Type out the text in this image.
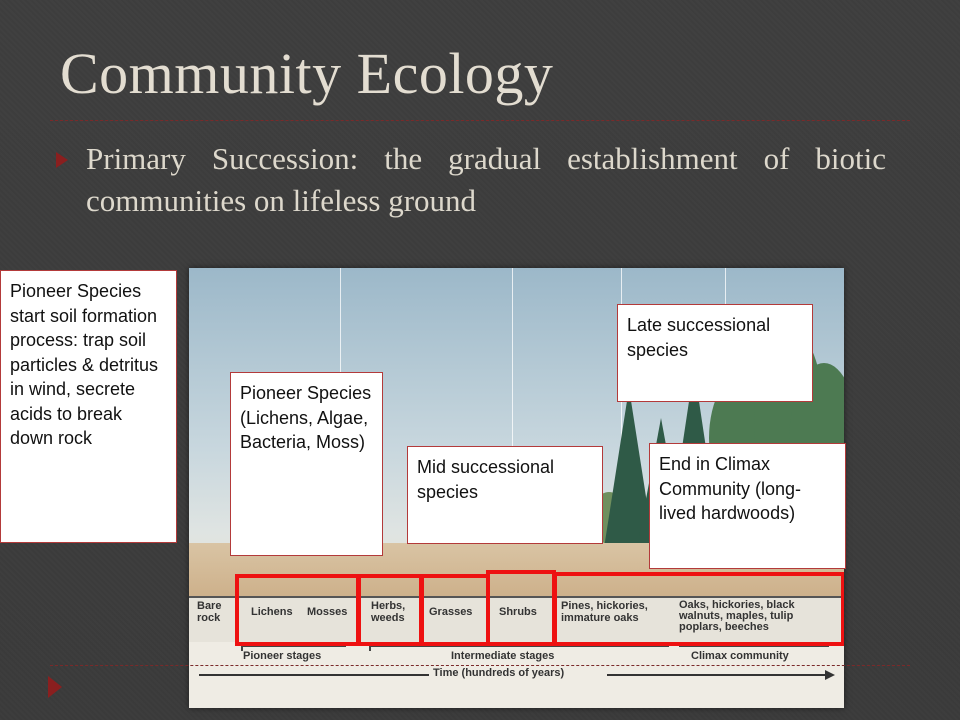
Community Ecology
Primary Succession: the gradual establishment of biotic communities on lifeless ground
Bare rock	Lichens Mosses Herbs, weeds	Grasses Shrubs Pines, hickories, immature oaks
Oaks, hickories, black walnuts, maples, tulip poplars, beeches
Pioneer stages	Intermediate stages	Climax community
Time (hundreds of years)
Pioneer Species start soil formation process: trap soil particles & detritus in wind, secrete acids to break down rock
Pioneer Species (Lichens, Algae, Bacteria, Moss)
Mid successional species
Late successional species
End in Climax Community (long-lived hardwoods)
